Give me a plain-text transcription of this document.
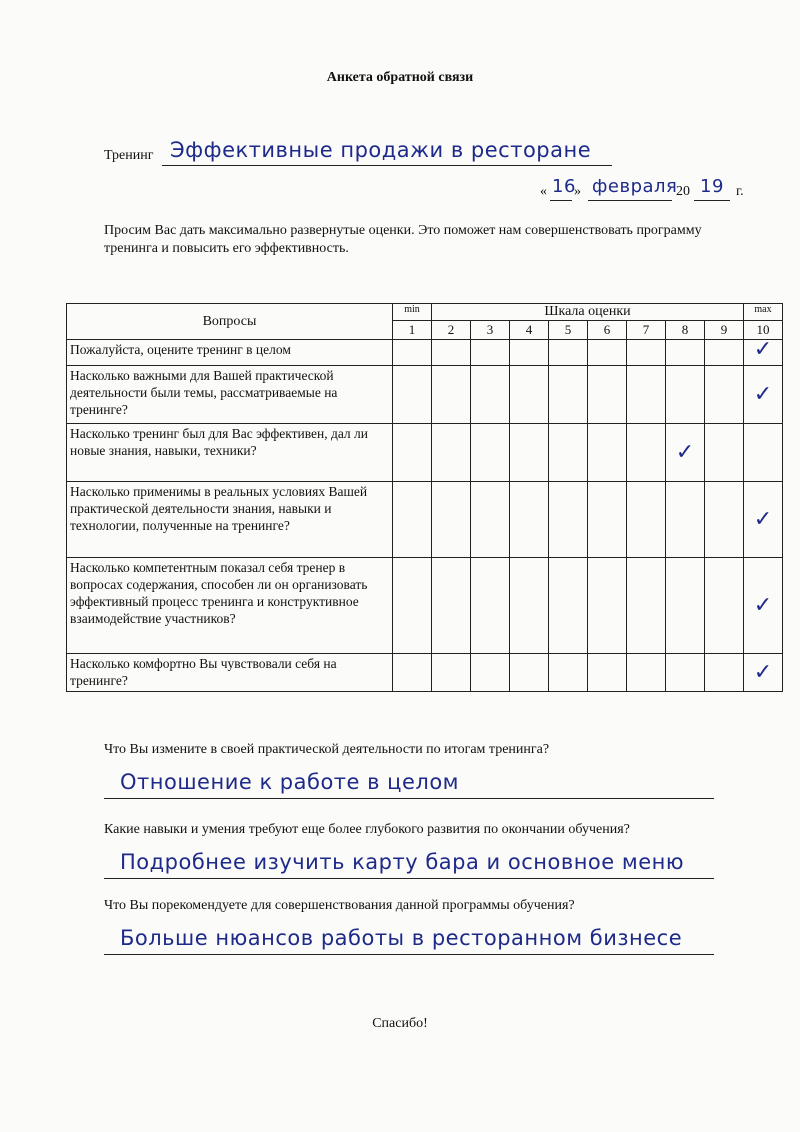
Анкета обратной связи
Тренинг Эффективные продажи в ресторане
« 16
» февраля
20 19 г.
Просим Вас дать максимально развернутые оценки. Это поможет нам совершенствовать программу тренинга и повысить его эффективность.
Вопросы	min	Шкала оценки								max
	1	2	3	4	5	6	7	8	9	10
Пожалуйста, оцените тренинг в целом										✓
Насколько важными для Вашей практической деятельности были темы, рассматриваемые на тренинге?										✓
Насколько тренинг был для Вас эффективен, дал ли новые знания, навыки, техники?								✓		
Насколько применимы в реальных условиях Вашей практической деятельности знания, навыки и технологии, полученные на тренинге?										✓
Насколько компетентным показал себя тренер в вопросах содержания, способен ли он организовать эффективный процесс тренинга и конструктивное взаимодействие участников?										✓
Насколько комфортно Вы чувствовали себя на тренинге?										✓
Что Вы измените в своей практической деятельности по итогам тренинга?
Отношение к работе в целом
Какие навыки и умения требуют еще более глубокого развития по окончании обучения?
Подробнее изучить карту бара и основное меню
Что Вы порекомендуете для совершенствования данной программы обучения?
Больше нюансов работы в ресторанном бизнесе
Спасибо!
